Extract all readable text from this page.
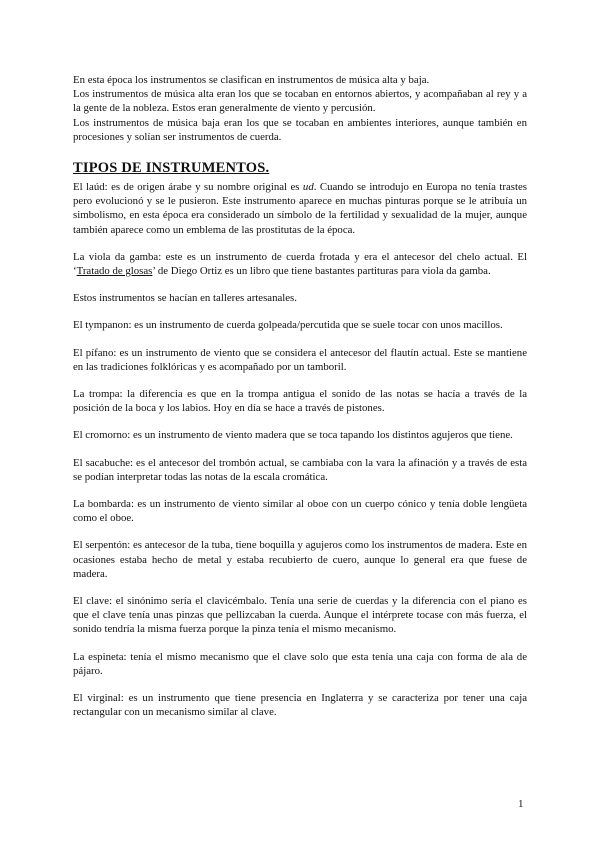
En esta época los instrumentos se clasifican en instrumentos de música alta y baja.

Los instrumentos de música alta eran los que se tocaban en entornos abiertos, y acompañaban al rey y a la gente de la nobleza. Estos eran generalmente de viento y percusión.

Los instrumentos de música baja eran los que se tocaban en ambientes interiores, aunque también en procesiones y solían ser instrumentos de cuerda.

TIPOS DE INSTRUMENTOS.

El laúd: es de origen árabe y su nombre original es ud. Cuando se introdujo en Europa no tenía trastes pero evolucionó y se le pusieron. Este instrumento aparece en muchas pinturas porque se le atribuía un simbolismo, en esta época era considerado un símbolo de la fertilidad y sexualidad de la mujer, aunque también aparece como un emblema de las prostitutas de la época.

La viola da gamba: este es un instrumento de cuerda frotada y era el antecesor del chelo actual. El ‘Tratado de glosas’ de Diego Ortiz es un libro que tiene bastantes partituras para viola da gamba.

Estos instrumentos se hacían en talleres artesanales.

El tympanon: es un instrumento de cuerda golpeada/percutida que se suele tocar con unos macillos.

El pífano: es un instrumento de viento que se considera el antecesor del flautín actual. Este se mantiene en las tradiciones folklóricas y es acompañado por un tamboril.

La trompa: la diferencia es que en la trompa antigua el sonido de las notas se hacía a través de la posición de la boca y los labios. Hoy en día se hace a través de pistones.

El cromorno: es un instrumento de viento madera que se toca tapando los distintos agujeros que tiene.

El sacabuche: es el antecesor del trombón actual, se cambiaba con la vara la afinación y a través de esta se podían interpretar todas las notas de la escala cromática.

La bombarda: es un instrumento de viento similar al oboe con un cuerpo cónico y tenía doble lengüeta como el oboe.

El serpentón: es antecesor de la tuba, tiene boquilla y agujeros como los instrumentos de madera. Este en ocasiones estaba hecho de metal y estaba recubierto de cuero, aunque lo general era que fuese de madera.

El clave: el sinónimo sería el clavicémbalo. Tenía una serie de cuerdas y la diferencia con el piano es que el clave tenía unas pinzas que pellizcaban la cuerda. Aunque el intérprete tocase con más fuerza, el sonido tendría la misma fuerza porque la pinza tenía el mismo mecanismo.

La espineta: tenía el mismo mecanismo que el clave solo que esta tenía una caja con forma de ala de pájaro.

El virginal: es un instrumento que tiene presencia en Inglaterra y se caracteriza por tener una caja rectangular con un mecanismo similar al clave.

1
